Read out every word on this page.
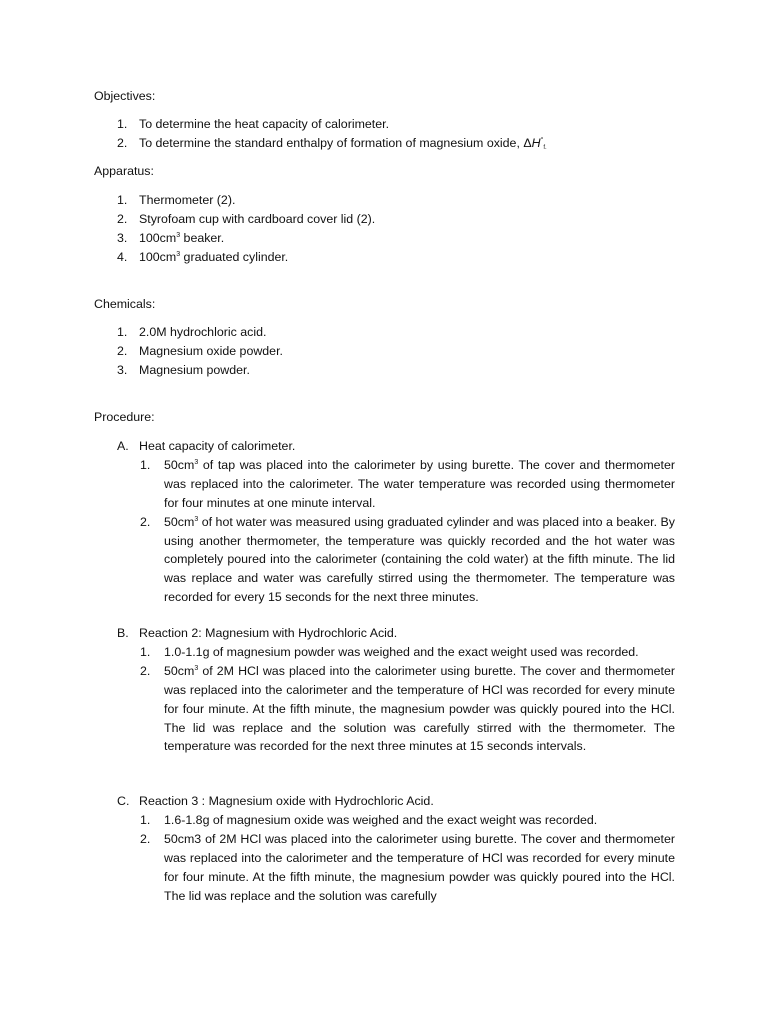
Objectives:
1. To determine the heat capacity of calorimeter.
2. To determine the standard enthalpy of formation of magnesium oxide, $\Delta H^\circ_{f.}$
Apparatus:
1. Thermometer (2).
2. Styrofoam cup with cardboard cover lid (2).
3. $100cm^3$ beaker.
4. $100cm^3$ graduated cylinder.
Chemicals:
1. 2.0M hydrochloric acid.
2. Magnesium oxide powder.
3. Magnesium powder.
Procedure:
A. Heat capacity of calorimeter.
1.	$50cm^3$ of tap was placed into the calorimeter by using burette. The cover and thermometer was replaced into the calorimeter. The water temperature was recorded using thermometer for four minutes at one minute interval.
2.	$50cm^3$ of hot water was measured using graduated cylinder and was placed into a beaker. By using another thermometer, the temperature was quickly recorded and the hot water was completely poured into the calorimeter (containing the cold water) at the fifth minute. The lid was replace and water was carefully stirred using the thermometer. The temperature was recorded for every 15 seconds for the next three minutes.
B. Reaction 2: Magnesium with Hydrochloric Acid.
1.	1.0-1.1g of magnesium powder was weighed and the exact weight used was recorded.
2.	$50cm^3$ of 2M HCl was placed into the calorimeter using burette. The cover and thermometer was replaced into the calorimeter and the temperature of HCl was recorded for every minute for four minute. At the fifth minute, the magnesium powder was quickly poured into the HCl. The lid was replace and the solution was carefully stirred with the thermometer. The temperature was recorded for the next three minutes at 15 seconds intervals.
C. Reaction 3 : Magnesium oxide with Hydrochloric Acid.
1.	1.6-1.8g of magnesium oxide was weighed and the exact weight was recorded.
2.	50cm3 of 2M HCl was placed into the calorimeter using burette. The cover and thermometer was replaced into the calorimeter and the temperature of HCl was recorded for every minute for four minute. At the fifth minute, the magnesium powder was quickly poured into the HCl. The lid was replace and the solution was carefully
